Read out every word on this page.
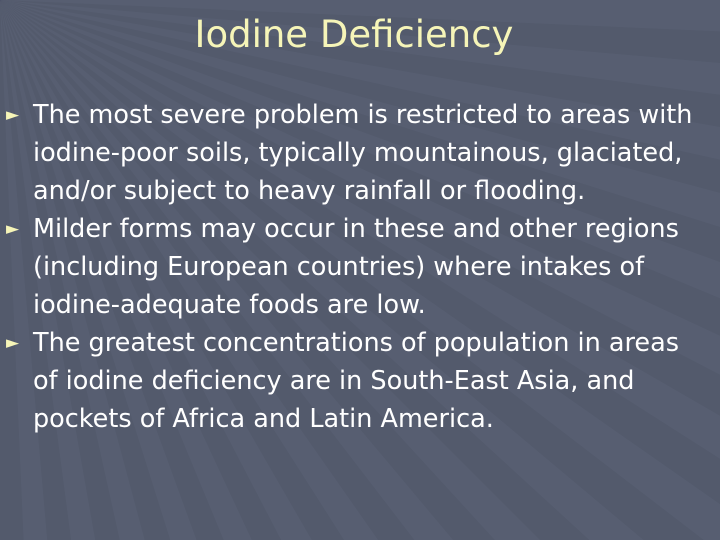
Iodine Deficiency
► The most severe problem is restricted to areas with iodine-poor soils, typically mountainous, glaciated, and/or subject to heavy rainfall or flooding.
► Milder forms may occur in these and other regions (including European countries) where intakes of iodine-adequate foods are low.
► The greatest concentrations of population in areas of iodine deficiency are in South-East Asia, and pockets of Africa and Latin America.
